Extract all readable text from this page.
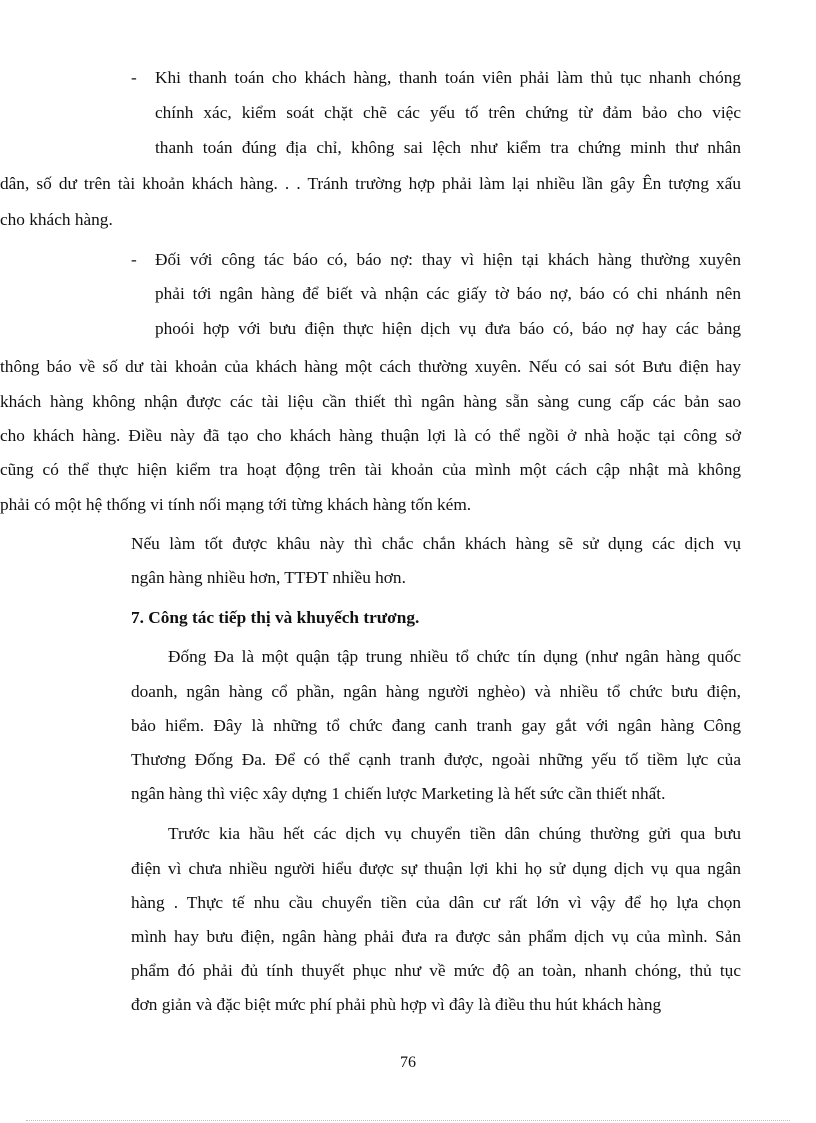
- Khi thanh toán cho khách hàng, thanh toán viên phải làm thủ tục nhanh chóng
chính xác, kiểm soát chặt chẽ các yếu tố trên chứng từ đảm bảo cho việc
thanh toán đúng địa chỉ, không sai lệch như kiểm tra chứng minh thư nhân
dân, số dư trên tài khoản khách hàng. . . Tránh trường hợp phải làm lại nhiều lần gây Ên tượng xấu
cho khách hàng.
- Đối với công tác báo có, báo nợ: thay vì hiện tại khách hàng thường xuyên
phải tới ngân hàng để biết và nhận các giấy tờ báo nợ, báo có chi nhánh nên
phoói hợp với bưu điện thực hiện dịch vụ đưa báo có, báo nợ hay các bảng
thông báo về số dư tài khoản của khách hàng một cách thường xuyên. Nếu có sai sót Bưu điện hay
khách hàng không nhận được các tài liệu cần thiết thì ngân hàng sẵn sàng cung cấp các bản sao
cho khách hàng. Điều này đã tạo cho khách hàng thuận lợi là có thể ngồi ở nhà hoặc tại công sở
cũng có thể thực hiện kiểm tra hoạt động trên tài khoản của mình một cách cập nhật mà không
phải có một hệ thống vi tính nối mạng tới từng khách hàng tốn kém.
Nếu làm tốt được khâu này thì chắc chắn khách hàng sẽ sử dụng các dịch vụ
ngân hàng nhiều hơn, TTĐT nhiều hơn.
7. Công tác tiếp thị và khuyếch trương.
Đống Đa là một quận tập trung nhiều tổ chức tín dụng (như ngân hàng quốc
doanh, ngân hàng cổ phần, ngân hàng người nghèo) và nhiều tổ chức bưu điện,
bảo hiểm. Đây là những tổ chức đang canh tranh gay gắt với ngân hàng Công
Thương Đống Đa. Để có thể cạnh tranh được, ngoài những yếu tố tiềm lực của
ngân hàng thì việc xây dựng 1 chiến lược Marketing là hết sức cần thiết nhất.
Trước kia hầu hết các dịch vụ chuyển tiền dân chúng thường gửi qua bưu
điện vì chưa nhiều người hiểu được sự thuận lợi khi họ sử dụng dịch vụ qua ngân
hàng . Thực tế nhu cầu chuyển tiền của dân cư rất lớn vì vậy để họ lựa chọn
mình hay bưu điện, ngân hàng phải đưa ra được sản phẩm dịch vụ của mình. Sản
phẩm đó phải đủ tính thuyết phục như về mức độ an toàn, nhanh chóng, thủ tục
đơn giản và đặc biệt mức phí phải phù hợp vì đây là điều thu hút khách hàng
76
